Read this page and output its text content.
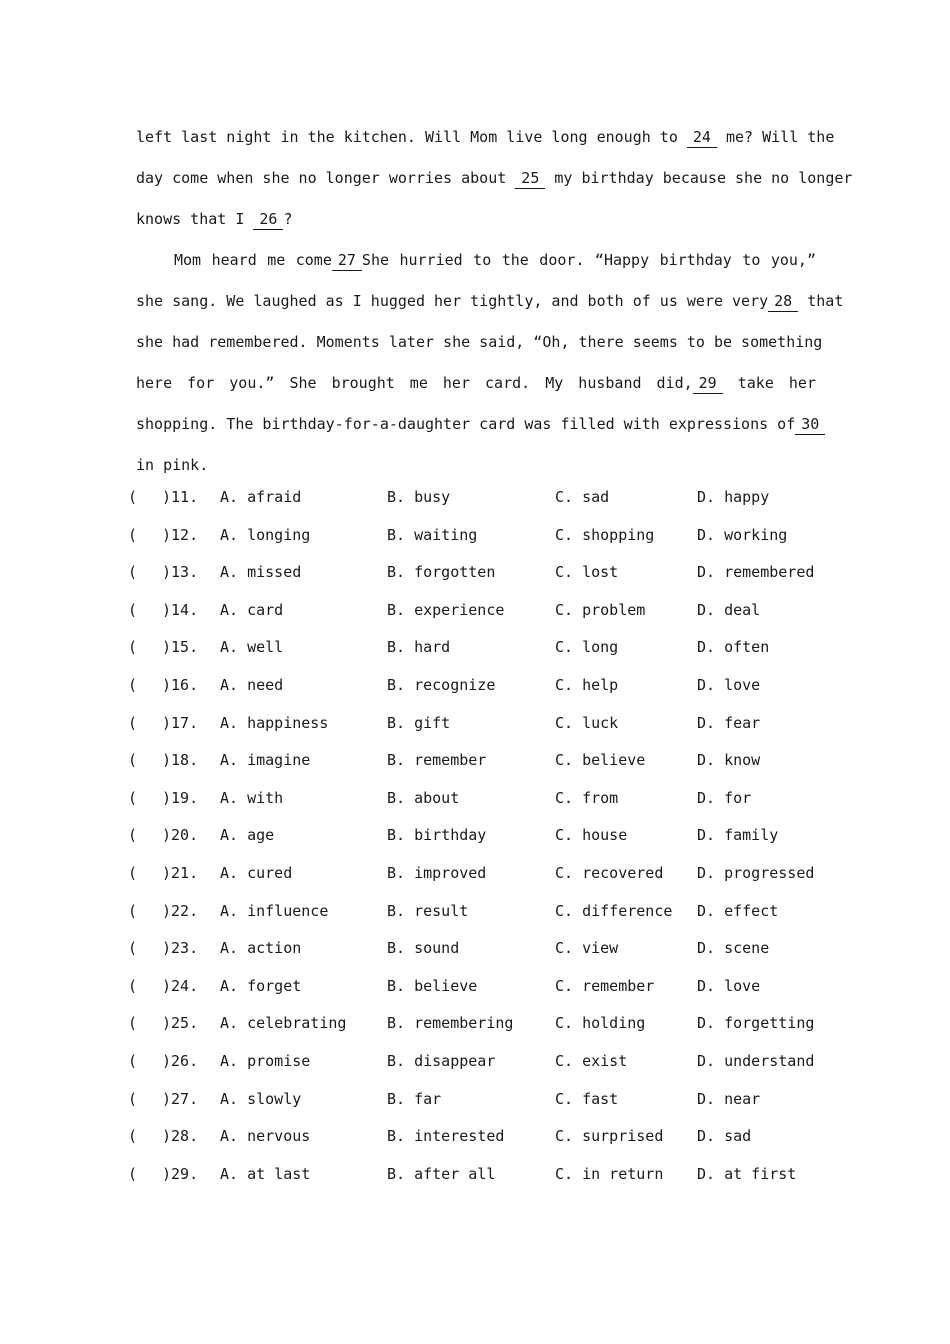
left last night in the kitchen. Will Mom live long enough to 24 me? Will the
day come when she no longer worries about 25 my birthday because she no longer
knows that I 26 ?
Mom heard me come 27 She hurried to the door. “Happy birthday to you,”
she sang. We laughed as I hugged her tightly, and both of us were very 28 that
she had remembered. Moments later she said, “Oh, there seems to be something
here for you.” She brought me her card. My husband did, 29 take her
shopping. The birthday-for-a-daughter card was filled with expressions of 30
in pink.
( )11. A. afraid	B. busy	C. sad	D. happy
( )12. A. longing	B. waiting	C. shopping	D. working
( )13. A. missed	B. forgotten	C. lost	D. remembered
( )14. A. card	B. experience	C. problem	D. deal
( )15. A. well	B. hard	C. long	D. often
( )16. A. need	B. recognize	C. help	D. love
( )17. A. happiness	B. gift	C. luck	D. fear
( )18. A. imagine	B. remember	C. believe	D. know
( )19. A. with	B. about	C. from	D. for
( )20. A. age	B. birthday	C. house	D. family
( )21. A. cured	B. improved	C. recovered D. progressed
( )22. A. influence	B. result	C. difference D. effect
( )23. A. action	B. sound	C. view	D. scene
( )24. A. forget	B. believe	C. remember	D. love
( )25. A. celebrating	B. remembering	C. holding	D. forgetting
( )26. A. promise	B. disappear	C. exist	D. understand
( )27. A. slowly	B. far	C. fast	D. near
( )28. A. nervous	B. interested	C. surprised D. sad
( )29. A. at last	B. after all	C. in return D. at first
